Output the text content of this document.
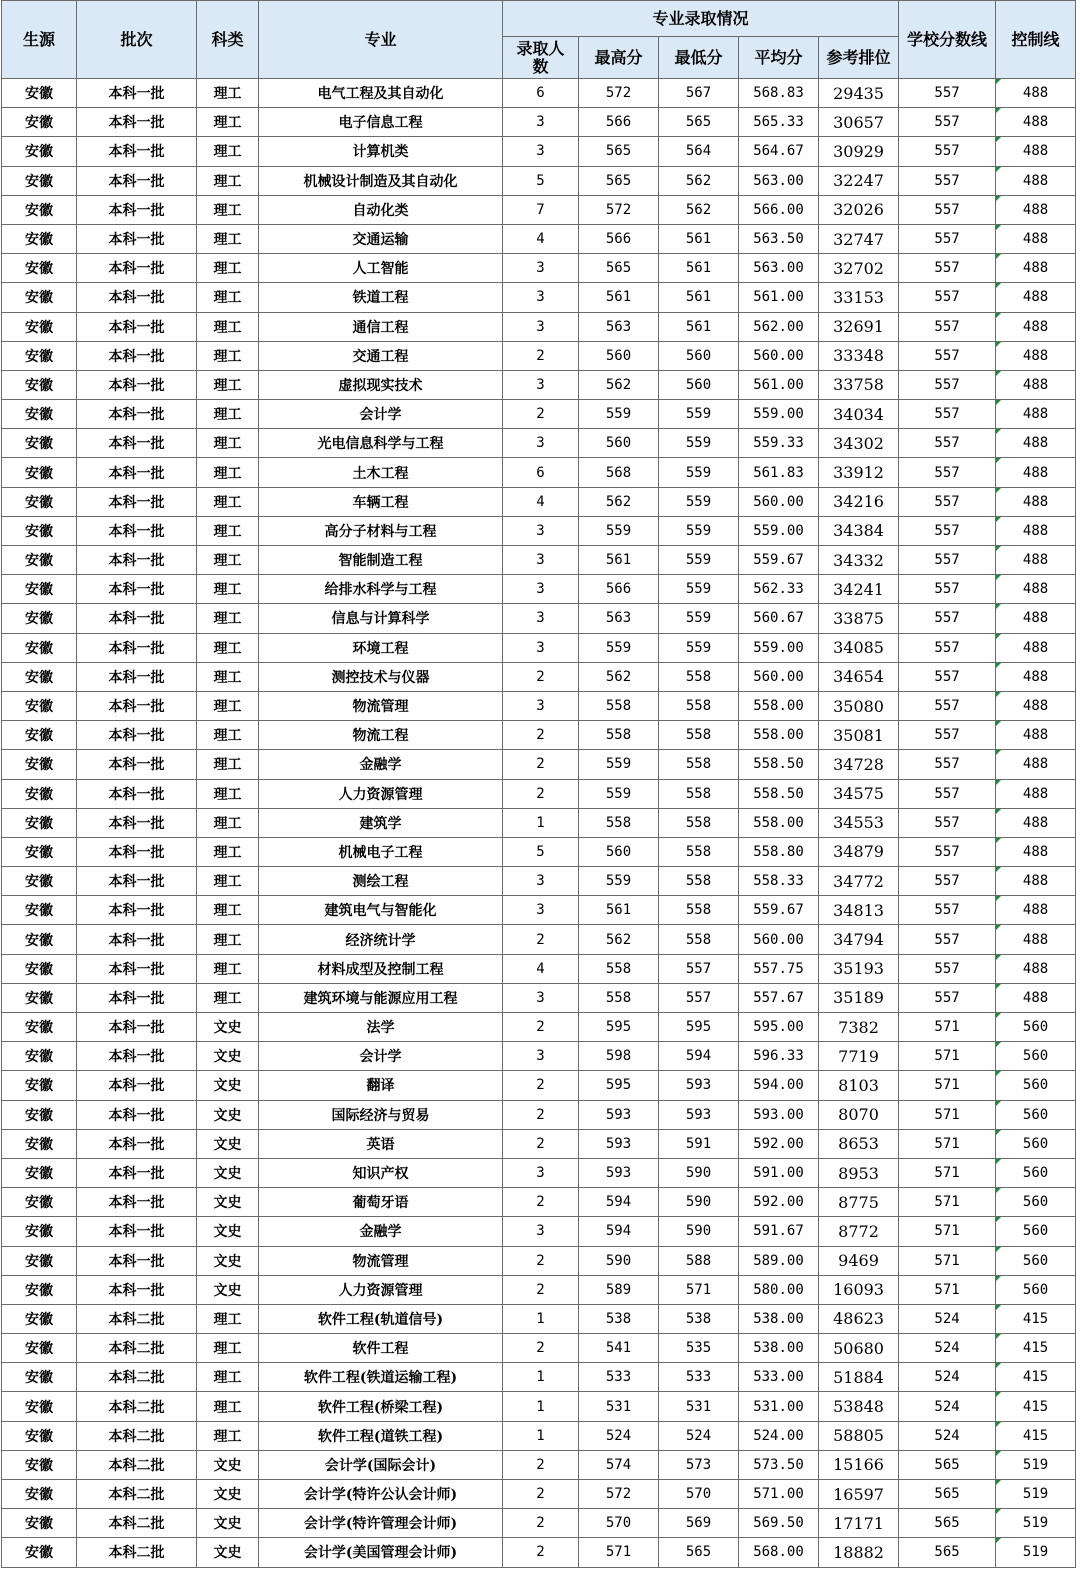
生源	批次	科类	专业	专业录取情况					学校分数线	控制线
				录取人
数	最高分	最低分	平均分	参考排位		
安徽	本科一批	理工	电气工程及其自动化	6	572	567	568.83	29435	557	488
安徽	本科一批	理工	电子信息工程	3	566	565	565.33	30657	557	488
安徽	本科一批	理工	计算机类	3	565	564	564.67	30929	557	488
安徽	本科一批	理工	机械设计制造及其自动化	5	565	562	563.00	32247	557	488
安徽	本科一批	理工	自动化类	7	572	562	566.00	32026	557	488
安徽	本科一批	理工	交通运输	4	566	561	563.50	32747	557	488
安徽	本科一批	理工	人工智能	3	565	561	563.00	32702	557	488
安徽	本科一批	理工	铁道工程	3	561	561	561.00	33153	557	488
安徽	本科一批	理工	通信工程	3	563	561	562.00	32691	557	488
安徽	本科一批	理工	交通工程	2	560	560	560.00	33348	557	488
安徽	本科一批	理工	虚拟现实技术	3	562	560	561.00	33758	557	488
安徽	本科一批	理工	会计学	2	559	559	559.00	34034	557	488
安徽	本科一批	理工	光电信息科学与工程	3	560	559	559.33	34302	557	488
安徽	本科一批	理工	土木工程	6	568	559	561.83	33912	557	488
安徽	本科一批	理工	车辆工程	4	562	559	560.00	34216	557	488
安徽	本科一批	理工	高分子材料与工程	3	559	559	559.00	34384	557	488
安徽	本科一批	理工	智能制造工程	3	561	559	559.67	34332	557	488
安徽	本科一批	理工	给排水科学与工程	3	566	559	562.33	34241	557	488
安徽	本科一批	理工	信息与计算科学	3	563	559	560.67	33875	557	488
安徽	本科一批	理工	环境工程	3	559	559	559.00	34085	557	488
安徽	本科一批	理工	测控技术与仪器	2	562	558	560.00	34654	557	488
安徽	本科一批	理工	物流管理	3	558	558	558.00	35080	557	488
安徽	本科一批	理工	物流工程	2	558	558	558.00	35081	557	488
安徽	本科一批	理工	金融学	2	559	558	558.50	34728	557	488
安徽	本科一批	理工	人力资源管理	2	559	558	558.50	34575	557	488
安徽	本科一批	理工	建筑学	1	558	558	558.00	34553	557	488
安徽	本科一批	理工	机械电子工程	5	560	558	558.80	34879	557	488
安徽	本科一批	理工	测绘工程	3	559	558	558.33	34772	557	488
安徽	本科一批	理工	建筑电气与智能化	3	561	558	559.67	34813	557	488
安徽	本科一批	理工	经济统计学	2	562	558	560.00	34794	557	488
安徽	本科一批	理工	材料成型及控制工程	4	558	557	557.75	35193	557	488
安徽	本科一批	理工	建筑环境与能源应用工程	3	558	557	557.67	35189	557	488
安徽	本科一批	文史	法学	2	595	595	595.00	7382	571	560
安徽	本科一批	文史	会计学	3	598	594	596.33	7719	571	560
安徽	本科一批	文史	翻译	2	595	593	594.00	8103	571	560
安徽	本科一批	文史	国际经济与贸易	2	593	593	593.00	8070	571	560
安徽	本科一批	文史	英语	2	593	591	592.00	8653	571	560
安徽	本科一批	文史	知识产权	3	593	590	591.00	8953	571	560
安徽	本科一批	文史	葡萄牙语	2	594	590	592.00	8775	571	560
安徽	本科一批	文史	金融学	3	594	590	591.67	8772	571	560
安徽	本科一批	文史	物流管理	2	590	588	589.00	9469	571	560
安徽	本科一批	文史	人力资源管理	2	589	571	580.00	16093	571	560
安徽	本科二批	理工	软件工程(轨道信号)	1	538	538	538.00	48623	524	415
安徽	本科二批	理工	软件工程	2	541	535	538.00	50680	524	415
安徽	本科二批	理工	软件工程(铁道运输工程)	1	533	533	533.00	51884	524	415
安徽	本科二批	理工	软件工程(桥梁工程)	1	531	531	531.00	53848	524	415
安徽	本科二批	理工	软件工程(道铁工程)	1	524	524	524.00	58805	524	415
安徽	本科二批	文史	会计学(国际会计)	2	574	573	573.50	15166	565	519
安徽	本科二批	文史	会计学(特许公认会计师)	2	572	570	571.00	16597	565	519
安徽	本科二批	文史	会计学(特许管理会计师)	2	570	569	569.50	17171	565	519
安徽	本科二批	文史	会计学(美国管理会计师)	2	571	565	568.00	18882	565	519
